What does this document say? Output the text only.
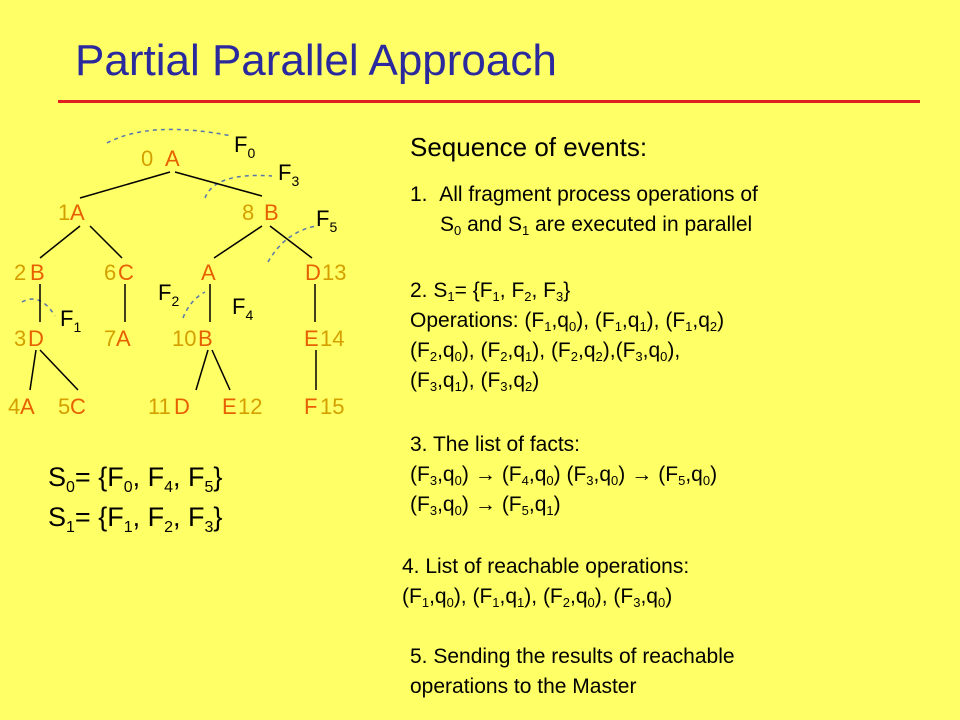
Partial Parallel Approach
0 A
1 A	8 B
2 B	6 C	A	D 13
3 D	7 A 10 B	E 14
4 A 5 C	11 D E 12 F 15
$F_0$
$F_3$
$F_5$
$F_2$ $F_4$
$F_1$
$S_0= \{F_0$, $F_4$, $F_5$}
$S_1= \{F_1$, $F_2$, $F_3$}
Sequence of events:
1. All fragment process operations of
$S_0$ and $S_1$ are executed in parallel
2. $S_1= \{F_1$, $F_2$, $F_3$}
Operations: $(F_1,q_0)$, $(F_1,q_1)$, $(F_1,q_2)$
$(F_2,q_0)$, $(F_2,q_1)$, $(F_2,q_2),(F_3,q_0)$,
$(F_3,q_1)$, $(F_3,q_2)$
3. The list of facts:
$(F_3,q_0)\to (F_4,q_0)$ $(F_3,q_0)\to (F_5,q_0)$
$(F_3,q_0)\to (F_5,q_1)$
4. List of reachable operations:
$(F_1,q_0)$, $(F_1,q_1)$, $(F_2,q_0)$, $(F_3,q_0)$
5. Sending the results of reachable
operations to the Master
